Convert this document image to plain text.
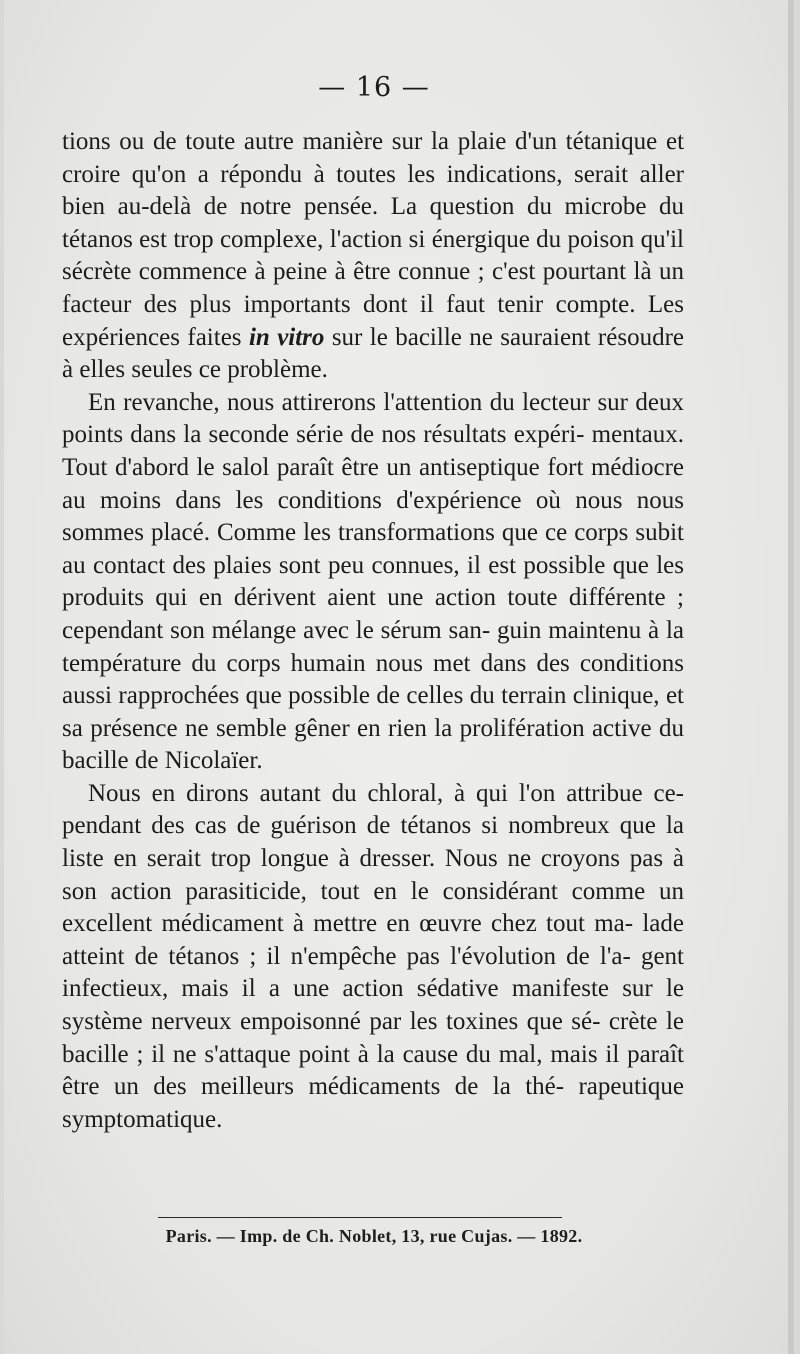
— 16 —

tions ou de toute autre manière sur la plaie d'un tétanique et croire qu'on a répondu à toutes les indications, serait aller bien au-delà de notre pensée. La question du microbe du tétanos est trop complexe, l'action si énergique du poison qu'il sécrète commence à peine à être connue ; c'est pourtant là un facteur des plus importants dont il faut tenir compte. Les expériences faites in vitro sur le bacille ne sauraient résoudre à elles seules ce problème.

En revanche, nous attirerons l'attention du lecteur sur deux points dans la seconde série de nos résultats expéri- mentaux. Tout d'abord le salol paraît être un antiseptique fort médiocre au moins dans les conditions d'expérience où nous nous sommes placé. Comme les transformations que ce corps subit au contact des plaies sont peu connues, il est possible que les produits qui en dérivent aient une action toute différente ; cependant son mélange avec le sérum san- guin maintenu à la température du corps humain nous met dans des conditions aussi rapprochées que possible de celles du terrain clinique, et sa présence ne semble gêner en rien la prolifération active du bacille de Nicolaïer.

Nous en dirons autant du chloral, à qui l'on attribue ce- pendant des cas de guérison de tétanos si nombreux que la liste en serait trop longue à dresser. Nous ne croyons pas à son action parasiticide, tout en le considérant comme un excellent médicament à mettre en œuvre chez tout ma- lade atteint de tétanos ; il n'empêche pas l'évolution de l'a- gent infectieux, mais il a une action sédative manifeste sur le système nerveux empoisonné par les toxines que sé- crète le bacille ; il ne s'attaque point à la cause du mal, mais il paraît être un des meilleurs médicaments de la thé- rapeutique symptomatique.

Paris. — Imp. de Ch. Noblet, 13, rue Cujas. — 1892.
